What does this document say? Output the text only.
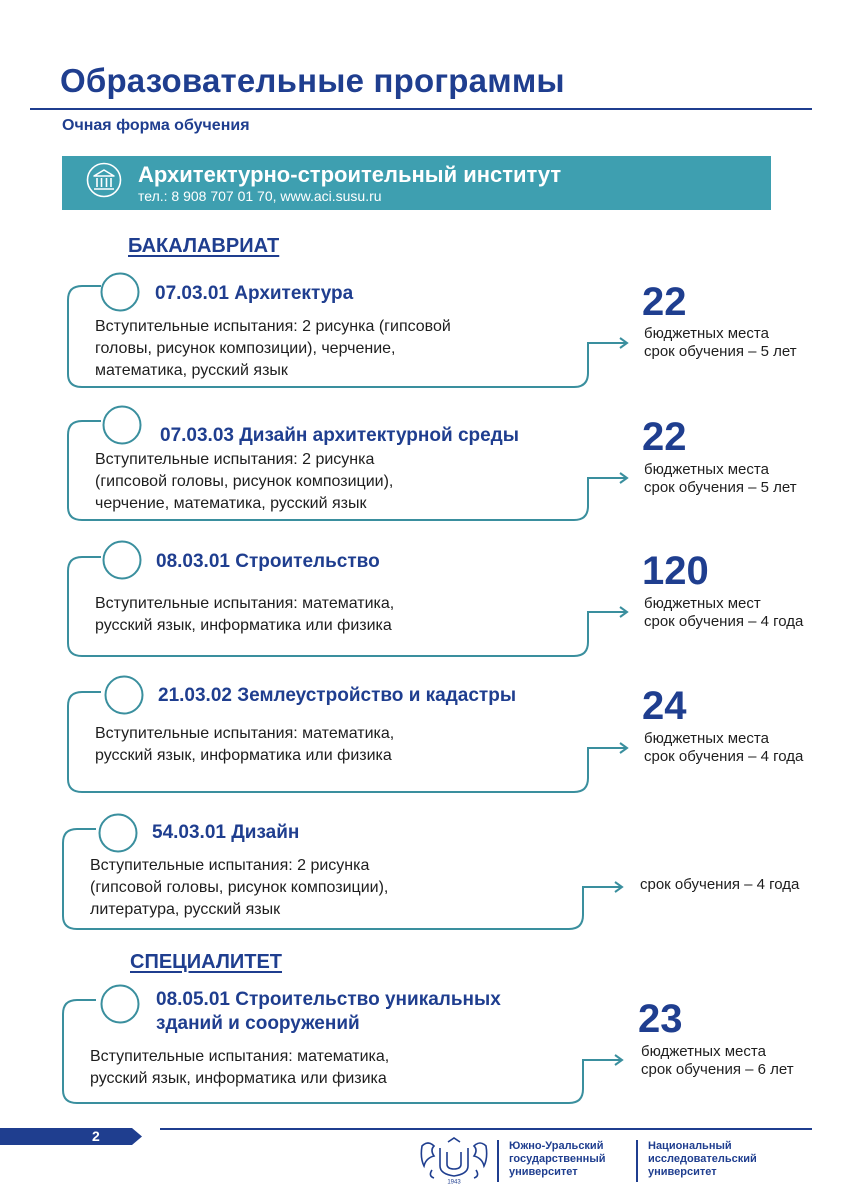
Образовательные программы
Очная форма обучения
Архитектурно-строительный институт
тел.: 8 908 707 01 70, www.aci.susu.ru
БАКАЛАВРИАТ
СПЕЦИАЛИТЕТ
07.03.01 Архитектура
Вступительные испытания: 2 рисунка (гипсовой
головы, рисунок композиции), черчение,
математика, русский язык
22
бюджетных места
срок обучения – 5 лет
07.03.03 Дизайн архитектурной среды
Вступительные испытания: 2 рисунка
(гипсовой головы, рисунок композиции),
черчение, математика, русский язык
22
бюджетных места
срок обучения – 5 лет
08.03.01 Строительство
Вступительные испытания: математика,
русский язык, информатика или физика
120
бюджетных мест
срок обучения – 4 года
21.03.02 Землеустройство и кадастры
Вступительные испытания: математика,
русский язык, информатика или физика
24
бюджетных места
срок обучения – 4 года
54.03.01 Дизайн
Вступительные испытания: 2 рисунка
(гипсовой головы, рисунок композиции),
литература, русский язык
срок обучения – 4 года
08.05.01 Строительство уникальных
зданий и сооружений
Вступительные испытания: математика,
русский язык, информатика или физика
23
бюджетных места
срок обучения – 6 лет
2
1943
Южно-Уральский
государственный
университет
Национальный
исследовательский
университет
